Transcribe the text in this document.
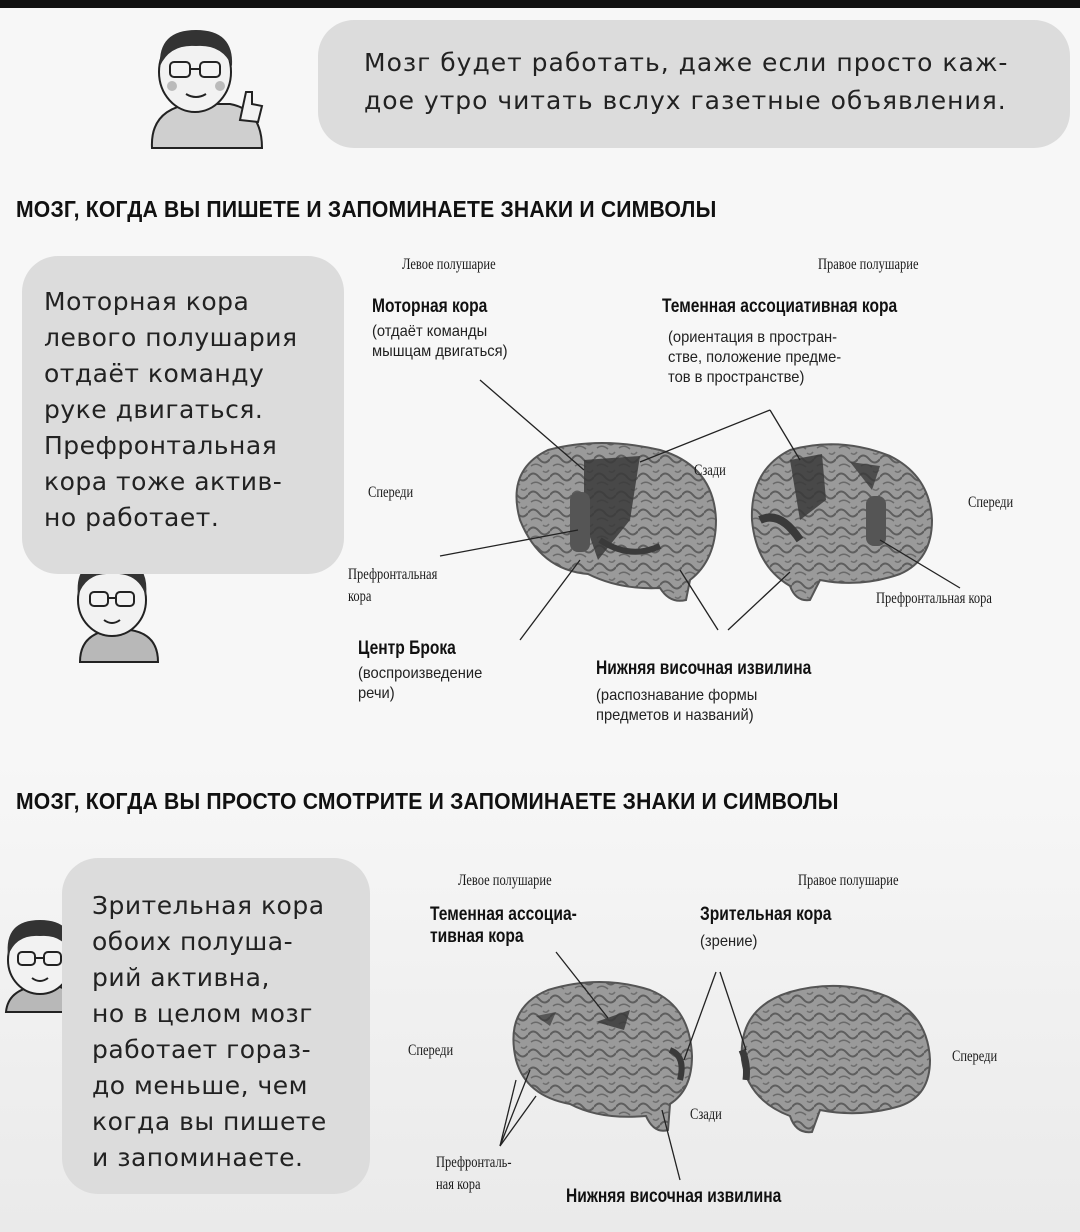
Мозг будет работать, даже если просто каж-
дое утро читать вслух газетные объявления.
МОЗГ, КОГДА ВЫ ПИШЕТЕ И ЗАПОМИНАЕТЕ ЗНАКИ И СИМВОЛЫ
Моторная кора
левого полушария
отдаёт команду
руке двигаться.
Префронтальная
кора тоже актив-
но работает.
Левое полушарие	Правое полушарие
Моторная кора
(отдаёт команды
мышцам двигаться)
Теменная ассоциативная кора
(ориентация в простран-
стве, положение предме-
тов в пространстве)
Спереди
Сзади
Спереди
Префронтальная
кора	Префронтальная кора
Центр Брока
(воспроизведение
речи)
Нижняя височная извилина
(распознавание формы
предметов и названий)
МОЗГ, КОГДА ВЫ ПРОСТО СМОТРИТЕ И ЗАПОМИНАЕТЕ ЗНАКИ И СИМВОЛЫ
Зрительная кора
обоих полуша-
рий активна,
но в целом мозг
работает гораз-
до меньше, чем
когда вы пишете
и запоминаете.
Левое полушарие	Правое полушарие
Теменная ассоциа-
тивная кора
Зрительная кора
(зрение)
Спереди
Сзади
Спереди
Префронталь-
ная кора
Нижняя височная извилина
